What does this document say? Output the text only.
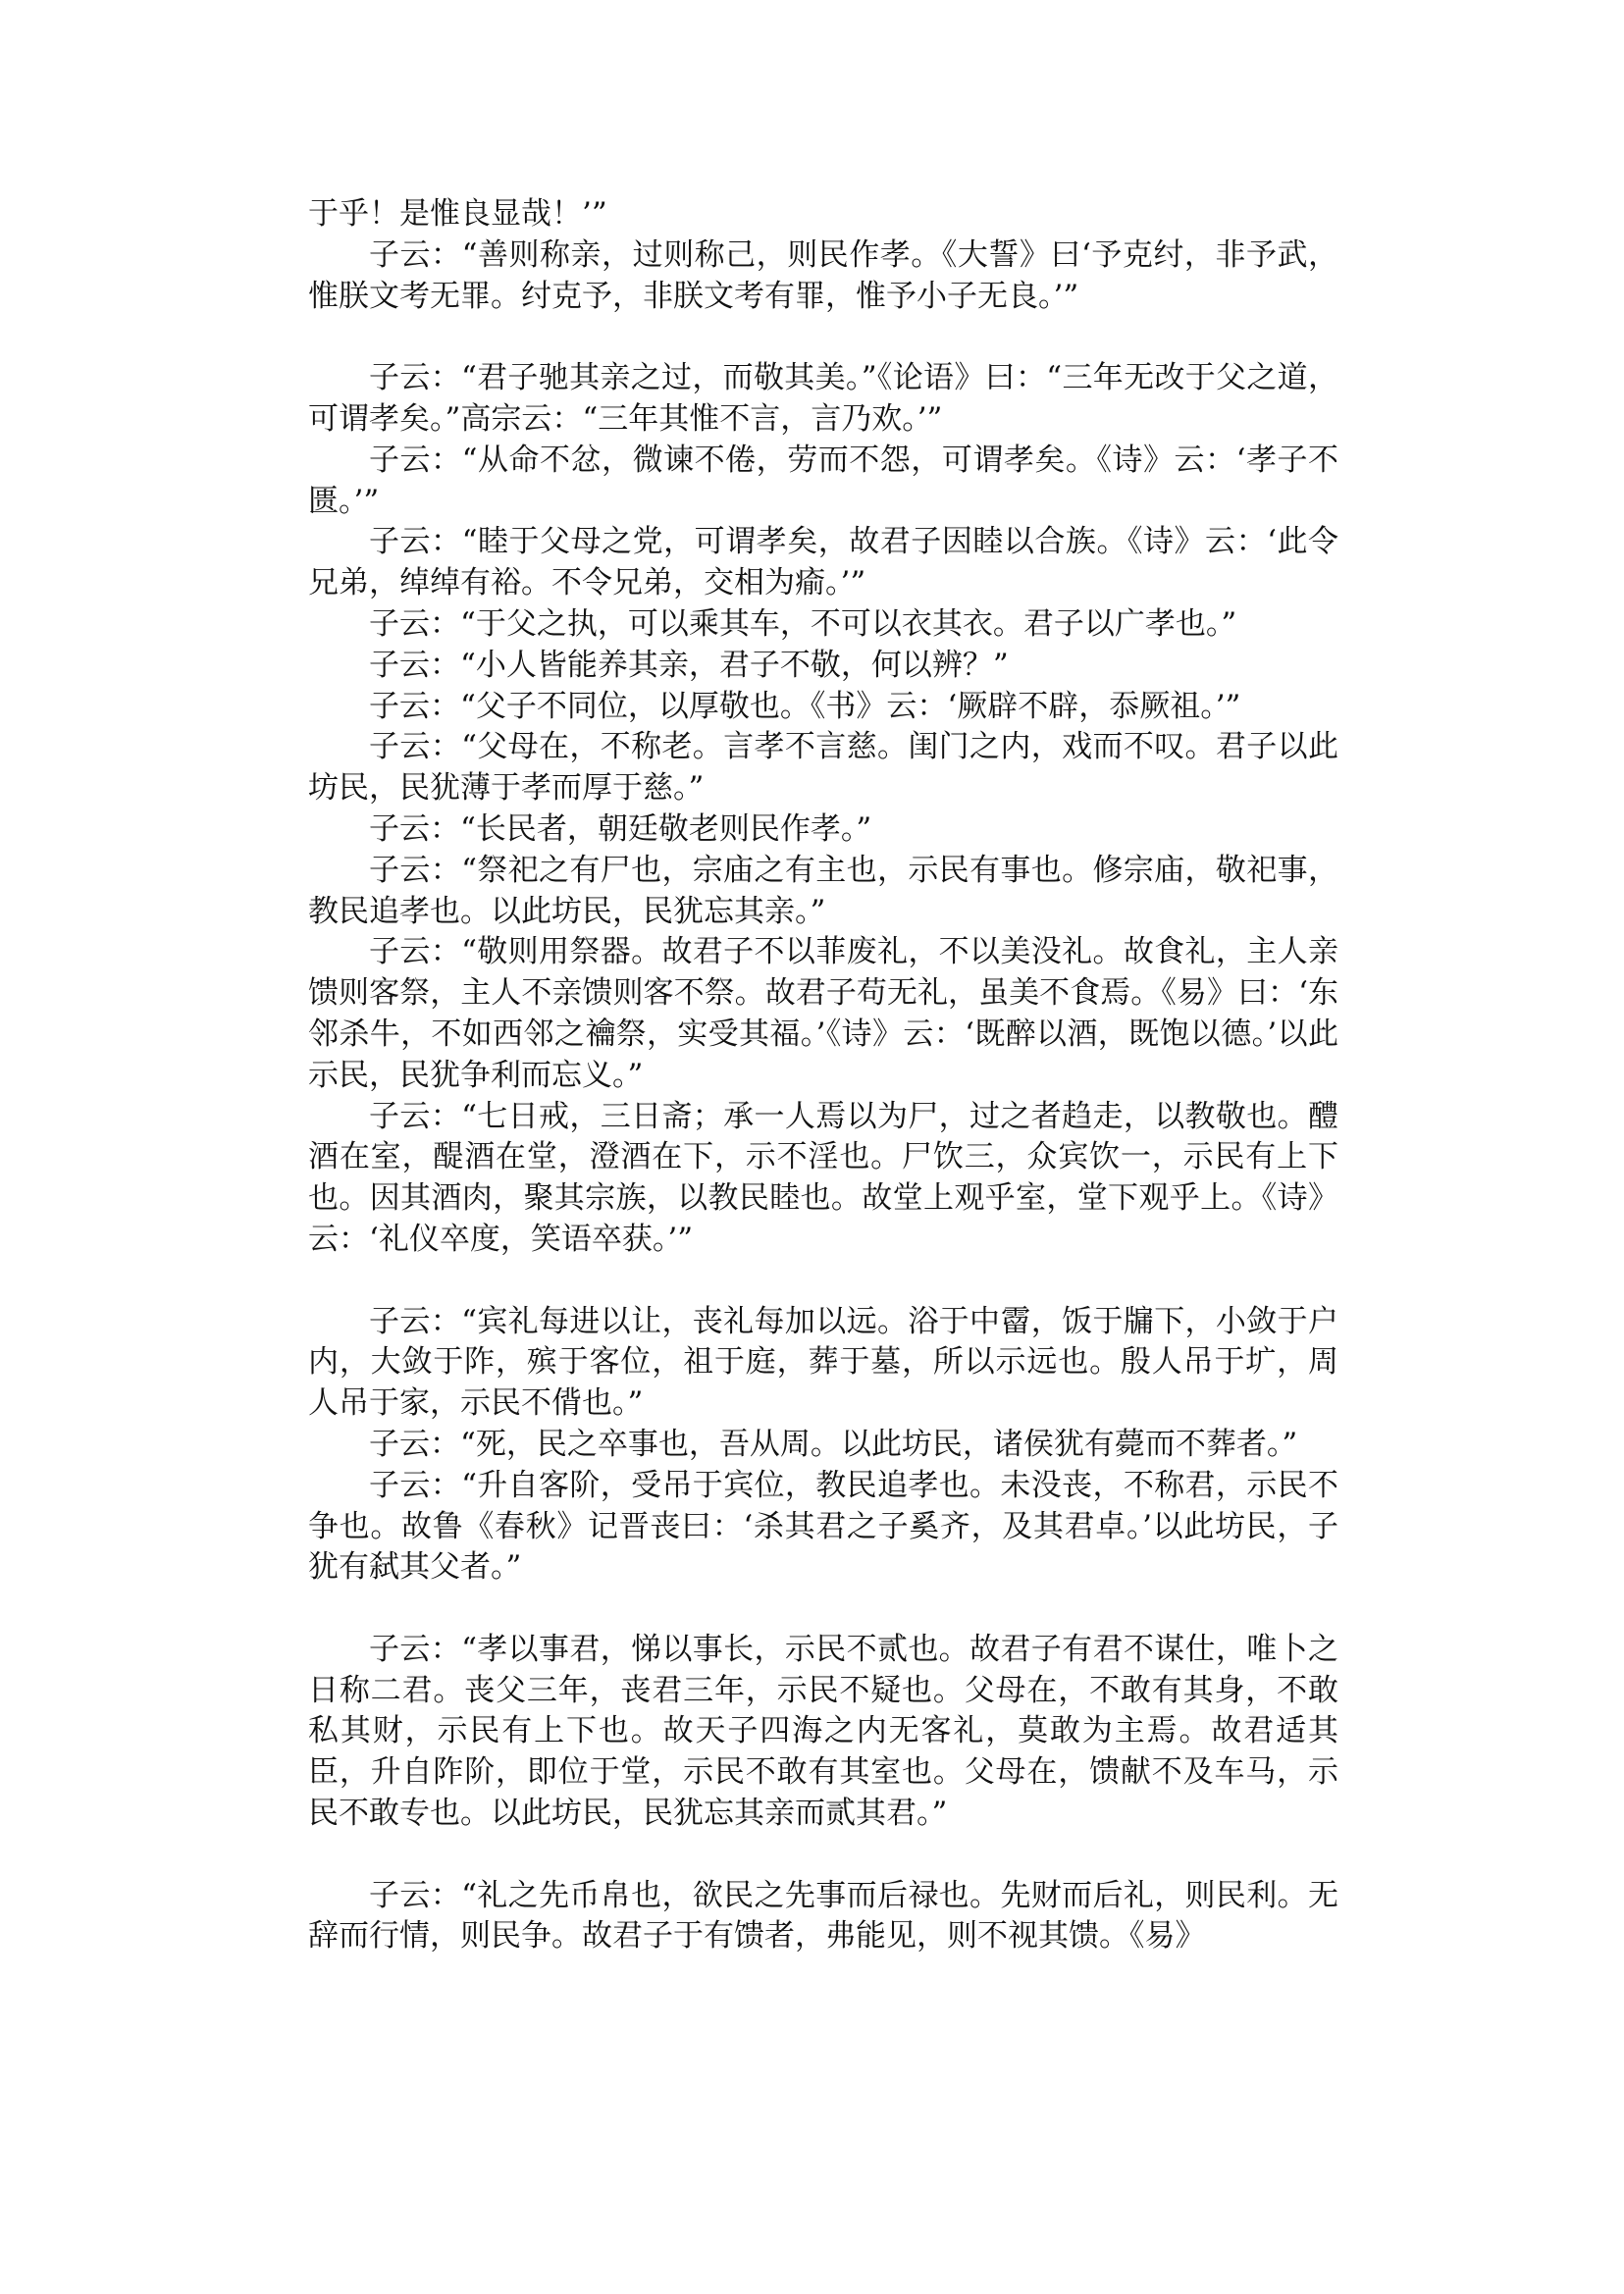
于乎！是惟良显哉！’”

子云：“善则称亲，过则称己，则民作孝。《大誓》曰‘予克纣，非予武，惟朕文考无罪。纣克予，非朕文考有罪，惟予小子无良。’”

子云：“君子驰其亲之过，而敬其美。”《论语》曰：“三年无改于父之道，可谓孝矣。”高宗云：“三年其惟不言，言乃欢。’”

子云：“从命不忿，微谏不倦，劳而不怨，可谓孝矣。《诗》云：‘孝子不匮。’”

子云：“睦于父母之党，可谓孝矣，故君子因睦以合族。《诗》云：‘此令兄弟，绰绰有裕。不令兄弟，交相为瘉。’”

子云：“于父之执，可以乘其车，不可以衣其衣。君子以广孝也。”

子云：“小人皆能养其亲，君子不敬，何以辨？”

子云：“父子不同位，以厚敬也。《书》云：‘厥辟不辟，忝厥祖。’”

子云：“父母在，不称老。言孝不言慈。闺门之内，戏而不叹。君子以此坊民，民犹薄于孝而厚于慈。”

子云：“长民者，朝廷敬老则民作孝。”

子云：“祭祀之有尸也，宗庙之有主也，示民有事也。修宗庙，敬祀事，教民追孝也。以此坊民，民犹忘其亲。”

子云：“敬则用祭器。故君子不以菲废礼，不以美没礼。故食礼，主人亲馈则客祭，主人不亲馈则客不祭。故君子苟无礼，虽美不食焉。《易》曰：‘东邻杀牛，不如西邻之禴祭，实受其福。’《诗》云：‘既醉以酒，既饱以德。’以此示民，民犹争利而忘义。”

子云：“七日戒，三日斋；承一人焉以为尸，过之者趋走，以教敬也。醴酒在室，醍酒在堂，澄酒在下，示不淫也。尸饮三，众宾饮一，示民有上下也。因其酒肉，聚其宗族，以教民睦也。故堂上观乎室，堂下观乎上。《诗》云：‘礼仪卒度，笑语卒获。’”

子云：“宾礼每进以让，丧礼每加以远。浴于中霤，饭于牖下，小敛于户内，大敛于阼，殡于客位，祖于庭，葬于墓，所以示远也。殷人吊于圹，周人吊于家，示民不偝也。”

子云：“死，民之卒事也，吾从周。以此坊民，诸侯犹有薨而不葬者。”

子云：“升自客阶，受吊于宾位，教民追孝也。未没丧，不称君，示民不争也。故鲁《春秋》记晋丧曰：‘杀其君之子奚齐，及其君卓。’以此坊民，子犹有弑其父者。”

子云：“孝以事君，悌以事长，示民不贰也。故君子有君不谋仕，唯卜之日称二君。丧父三年，丧君三年，示民不疑也。父母在，不敢有其身，不敢私其财，示民有上下也。故天子四海之内无客礼，莫敢为主焉。故君适其臣，升自阼阶，即位于堂，示民不敢有其室也。父母在，馈献不及车马，示民不敢专也。以此坊民，民犹忘其亲而贰其君。”

子云：“礼之先币帛也，欲民之先事而后禄也。先财而后礼，则民利。无辞而行情，则民争。故君子于有馈者，弗能见，则不视其馈。《易》
